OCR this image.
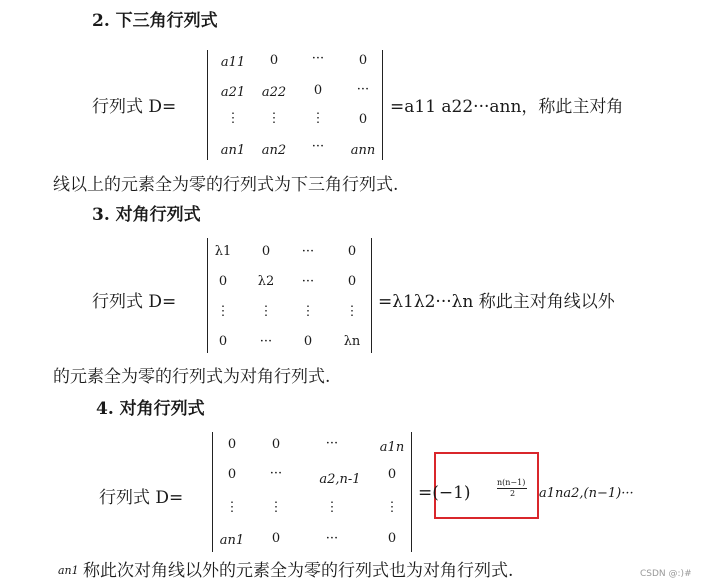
2. 下三角行列式
行列式 D=
a11	0	···	0
a21	a22	0	···
⋮	⋮	⋮	0
an1	an2	···	ann
=a11 a22···ann，称此主对角
线以上的元素全为零的行列式为下三角行列式.
3. 对角行列式
行列式 D=
λ1	0	···	0
0	λ2	···	0
⋮	⋮	⋮	⋮
0	···	0	λn
=λ1λ2···λn 称此主对角线以外
的元素全为零的行列式为对角行列式.
4. 对角行列式
行列式 D=
0	0	···	a1n
0	···	a2,n-1	0
⋮	⋮	⋮	⋮
an1	0	···	0
=(−1)
n(n−1)
2 a1na2,(n−1)···
an1 称此次对角线以外的元素全为零的行列式也为对角行列式.	CSDN @:)#
